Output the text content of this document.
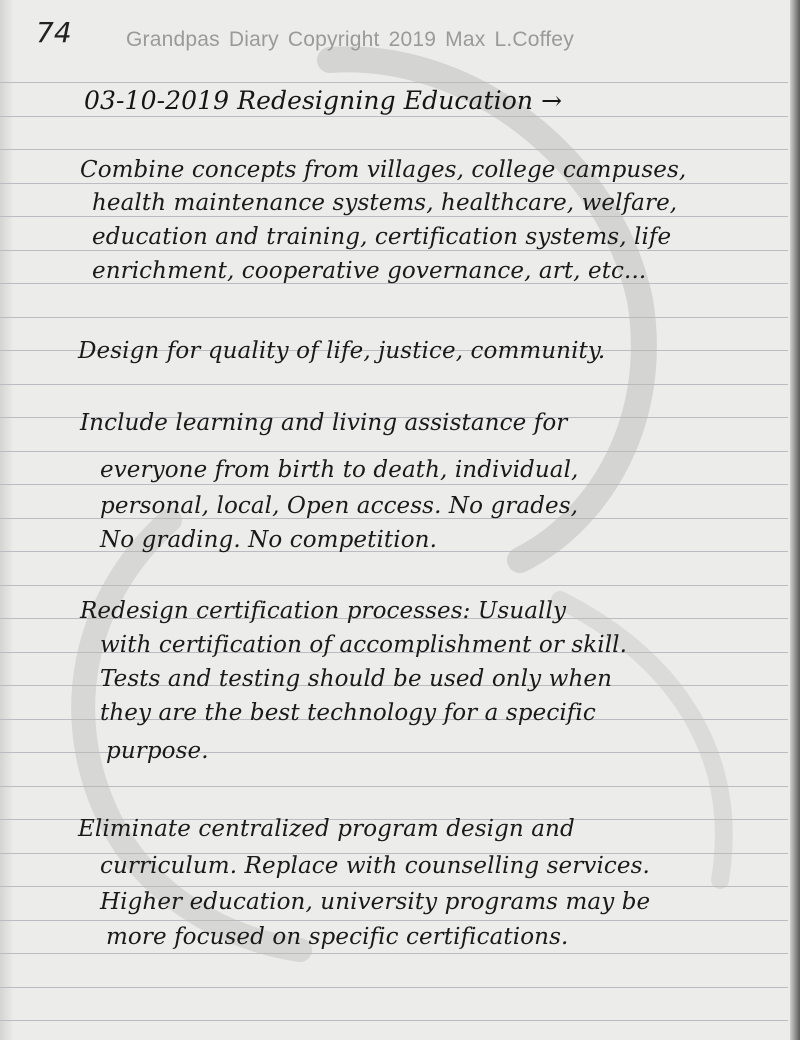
74	Grandpas Diary Copyright 2019 Max L.Coffey
03-10-2019 Redesigning Education →
Combine concepts from villages, college campuses,
health maintenance systems, healthcare, welfare,
education and training, certification systems, life
enrichment, cooperative governance, art, etc...
Design for quality of life, justice, community.
Include learning and living assistance for
everyone from birth to death, individual,
personal, local, Open access. No grades,
No grading. No competition.
Redesign certification processes: Usually
with certification of accomplishment or skill.
Tests and testing should be used only when
they are the best technology for a specific
purpose.
Eliminate centralized program design and
curriculum. Replace with counselling services.
Higher education, university programs may be
more focused on specific certifications.
